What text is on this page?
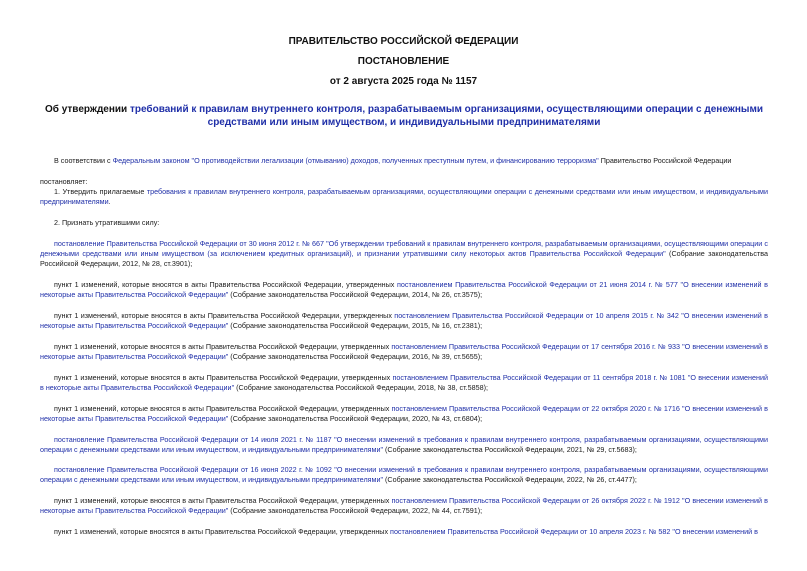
ПРАВИТЕЛЬСТВО РОССИЙСКОЙ ФЕДЕРАЦИИ
ПОСТАНОВЛЕНИЕ
от 2 августа 2025 года № 1157
Об утверждении требований к правилам внутреннего контроля, разрабатываемым организациями, осуществляющими операции с денежными средствами или иным имуществом, и индивидуальными предпринимателями
В соответствии с Федеральным законом "О противодействии легализации (отмыванию) доходов, полученных преступным путем, и финансированию терроризма" Правительство Российской Федерации
постановляет:
1. Утвердить прилагаемые требования к правилам внутреннего контроля, разрабатываемым организациями, осуществляющими операции с денежными средствами или иным имуществом, и индивидуальными предпринимателями.
2. Признать утратившими силу:
постановление Правительства Российской Федерации от 30 июня 2012 г. № 667 "Об утверждении требований к правилам внутреннего контроля, разрабатываемым организациями, осуществляющими операции с денежными средствами или иным имуществом (за исключением кредитных организаций), и признании утратившими силу некоторых актов Правительства Российской Федерации" (Собрание законодательства Российской Федерации, 2012, № 28, ст.3901);
пункт 1 изменений, которые вносятся в акты Правительства Российской Федерации, утвержденных постановлением Правительства Российской Федерации от 21 июня 2014 г. № 577 "О внесении изменений в некоторые акты Правительства Российской Федерации" (Собрание законодательства Российской Федерации, 2014, № 26, ст.3575);
пункт 1 изменений, которые вносятся в акты Правительства Российской Федерации, утвержденных постановлением Правительства Российской Федерации от 10 апреля 2015 г. № 342 "О внесении изменений в некоторые акты Правительства Российской Федерации" (Собрание законодательства Российской Федерации, 2015, № 16, ст.2381);
пункт 1 изменений, которые вносятся в акты Правительства Российской Федерации, утвержденных постановлением Правительства Российской Федерации от 17 сентября 2016 г. № 933 "О внесении изменений в некоторые акты Правительства Российской Федерации" (Собрание законодательства Российской Федерации, 2016, № 39, ст.5655);
пункт 1 изменений, которые вносятся в акты Правительства Российской Федерации, утвержденных постановлением Правительства Российской Федерации от 11 сентября 2018 г. № 1081 "О внесении изменений в некоторые акты Правительства Российской Федерации" (Собрание законодательства Российской Федерации, 2018, № 38, ст.5858);
пункт 1 изменений, которые вносятся в акты Правительства Российской Федерации, утвержденных постановлением Правительства Российской Федерации от 22 октября 2020 г. № 1716 "О внесении изменений в некоторые акты Правительства Российской Федерации" (Собрание законодательства Российской Федерации, 2020, № 43, ст.6804);
постановление Правительства Российской Федерации от 14 июля 2021 г. № 1187 "О внесении изменений в требования к правилам внутреннего контроля, разрабатываемым организациями, осуществляющими операции с денежными средствами или иным имуществом, и индивидуальными предпринимателями" (Собрание законодательства Российской Федерации, 2021, № 29, ст.5683);
постановление Правительства Российской Федерации от 16 июня 2022 г. № 1092 "О внесении изменений в требования к правилам внутреннего контроля, разрабатываемым организациями, осуществляющими операции с денежными средствами или иным имуществом, и индивидуальными предпринимателями" (Собрание законодательства Российской Федерации, 2022, № 26, ст.4477);
пункт 1 изменений, которые вносятся в акты Правительства Российской Федерации, утвержденных постановлением Правительства Российской Федерации от 26 октября 2022 г. № 1912 "О внесении изменений в некоторые акты Правительства Российской Федерации" (Собрание законодательства Российской Федерации, 2022, № 44, ст.7591);
пункт 1 изменений, которые вносятся в акты Правительства Российской Федерации, утвержденных постановлением Правительства Российской Федерации от 10 апреля 2023 г. № 582 "О внесении изменений в
